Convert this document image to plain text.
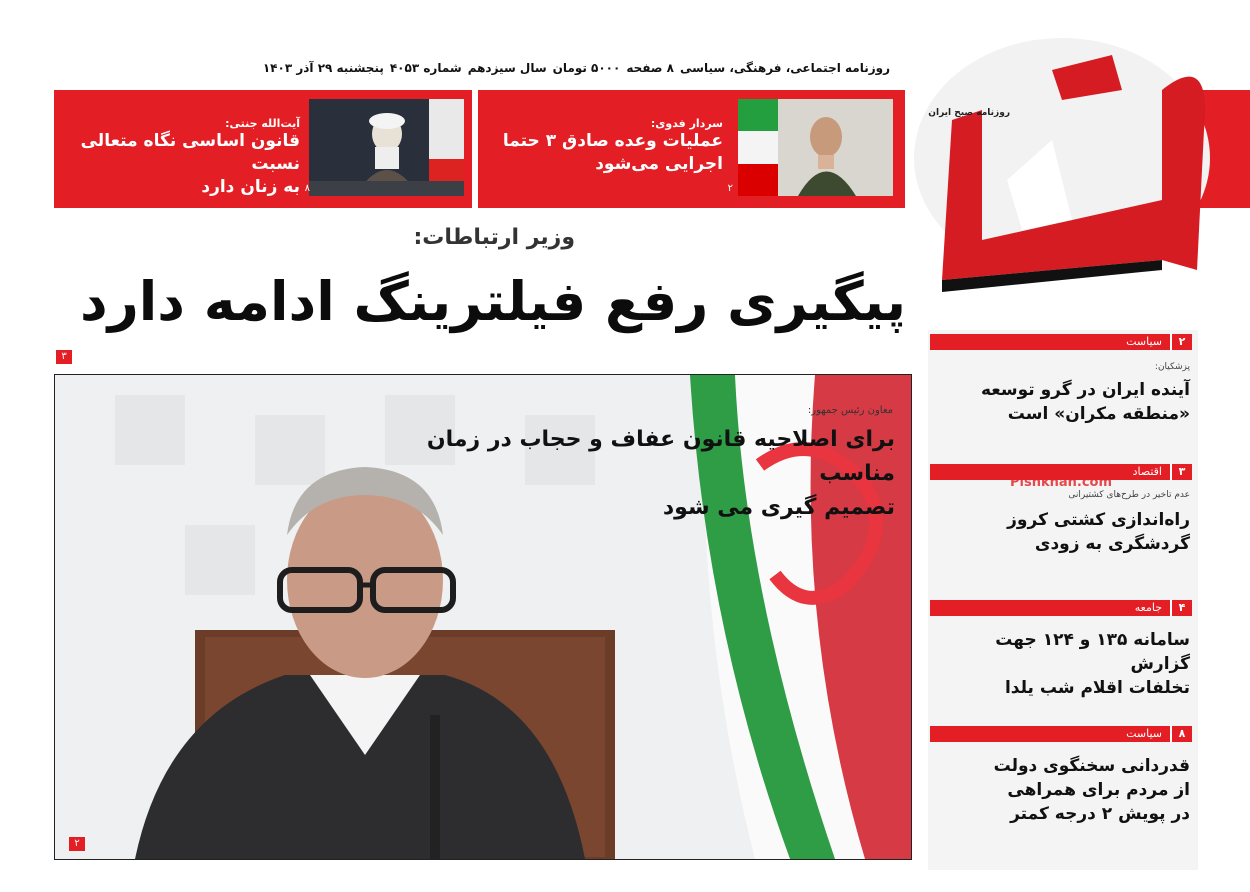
روزنامه اجتماعی، فرهنگی، سیاسی
۸ صفحه
۵۰۰۰ تومان
سال سیزدهم
شماره ۴۰۵۳
پنجشنبه ۲۹ آذر ۱۴۰۳
سردار فدوی:
عملیات وعده صادق ۳ حتما
اجرایی می‌شود
۲
آیت‌الله جنتی:
قانون اساسی نگاه متعالی نسبت
به زنان دارد ۸
روزنامه صبح ایران
وزیر ارتباطات:
پیگیری رفع فیلترینگ ادامه دارد
۳
معاون رئیس جمهور:
برای اصلاحیه قانون عفاف و حجاب در زمان مناسب
تصمیم گیری می شود
۲
۲
سیاست
پزشکیان:
آینده ایران در گرو توسعه
«منطقه مکران» است
۳
اقتصاد
عدم تاخیر در طرح‌های کشتیرانی
راه‌اندازی کشتی کروز
گردشگری به زودی
۴
جامعه
سامانه ۱۳۵ و ۱۲۴ جهت گزارش
تخلفات اقلام شب یلدا
۸
سیاست
قدردانی سخنگوی دولت
از مردم برای همراهی
در پویش ۲ درجه کمتر
Pishkhan.com
